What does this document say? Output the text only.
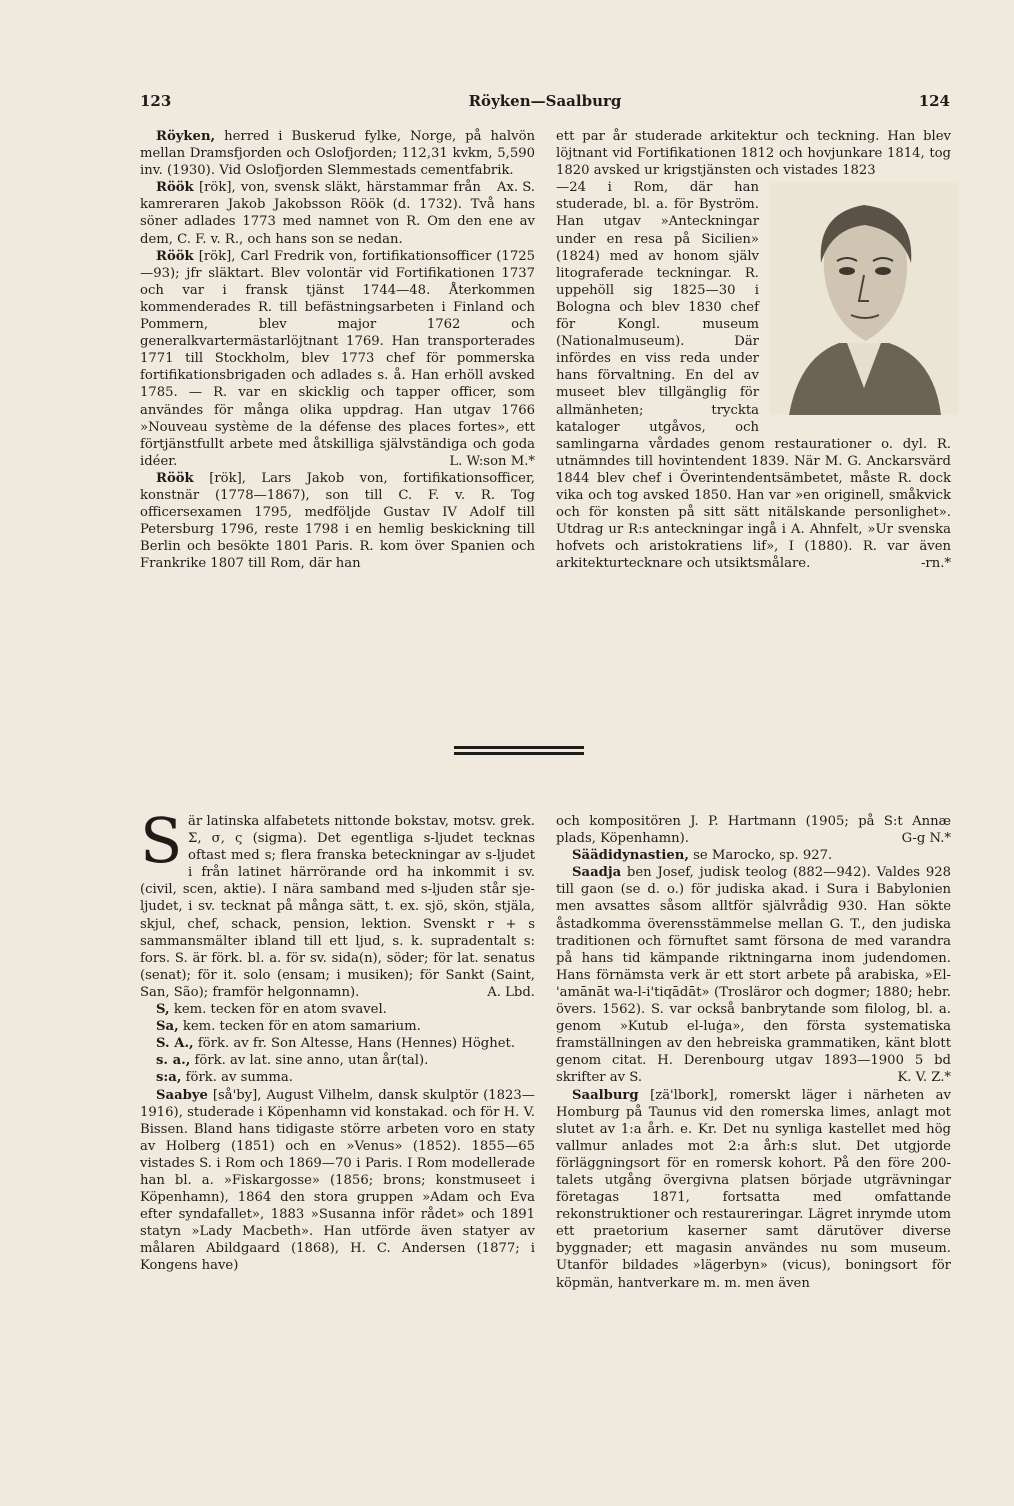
123	Röyken—Saalburg	124

Röyken, herred i Buskerud fylke, Norge, på halvön mellan Dramsfjorden och Oslofjorden; 112,31 kvkm, 5,590 inv. (1930). Vid Oslofjorden Slemmestads cementfabrik.
Ax. S.

Röök [rök], von, svensk släkt, härstammar från kamreraren Jakob Jakobsson Röök (d. 1732). Två hans söner adlades 1773 med namnet von R. Om den ene av dem, C. F. v. R., och hans son se nedan.

Röök [rök], Carl Fredrik von, fortifikationsofficer (1725—93); jfr släktart. Blev volontär vid Fortifikationen 1737 och var i fransk tjänst 1744—48. Återkommen kommenderades R. till befästningsarbeten i Finland och Pommern, blev major 1762 och generalkvartermästarlöjtnant 1769. Han transporterades 1771 till Stockholm, blev 1773 chef för pommerska fortifikationsbrigaden och adlades s. å. Han erhöll avsked 1785. — R. var en skicklig och tapper officer, som användes för många olika uppdrag. Han utgav 1766 »Nouveau système de la défense des places fortes», ett förtjänstfullt arbete med åtskilliga självständiga och goda idéer.	L. W:son M.*

Röök [rök], Lars Jakob von, fortifikationsofficer, konstnär (1778—1867), son till C. F. v. R. Tog officersexamen 1795, medföljde Gustav IV Adolf till Petersburg 1796, reste 1798 i en hemlig beskickning till Berlin och besökte 1801 Paris. R. kom över Spanien och Frankrike 1807 till Rom, där han

ett par år studerade arkitektur och teckning. Han blev löjtnant vid Fortifikationen 1812 och hovjunkare 1814, tog 1820 avsked ur krigstjänsten och vistades 1823

—24 i Rom, där han studerade, bl. a. för Byström. Han utgav »Anteckningar under en resa på Sicilien» (1824) med av honom själv litograferade teckningar. R. uppehöll sig 1825—30 i Bologna och blev 1830 chef för Kongl. museum (Nationalmuseum). Där infördes en viss reda under hans förvaltning. En del av museet blev tillgänglig för allmänheten; tryckta kataloger utgåvos, och samlingarna vårdades genom restaurationer o. dyl. R. utnämndes till hovintendent 1839. När M. G. Anckarsvärd 1844 blev chef i Överintendentsämbetet, måste R. dock vika och tog avsked 1850. Han var »en originell, småkvick och för konsten på sitt sätt nitälskande personlighet». Utdrag ur R:s anteckningar ingå i A. Ahnfelt, »Ur svenska hofvets och aristokratiens lif», I (1880). R. var även arkitekturtecknare och utsiktsmålare.	-rn.*

Sär latinska alfabetets nittonde bokstav, motsv. grek. Σ, σ, ς (sigma). Det egentliga s-ljudet tecknas oftast med s; flera franska beteckningar av s-ljudet i från latinet härrörande ord ha inkommit i sv. (civil, scen, aktie). I nära samband med s-ljuden står sje-ljudet, i sv. tecknat på många sätt, t. ex. sjö, skön, stjäla, skjul, chef, schack, pension, lektion. Svenskt r + s sammansmälter ibland till ett ljud, s. k. supradentalt s: fors. S. är förk. bl. a. för sv. sida(n), söder; för lat. senatus (senat); för it. solo (ensam; i musiken); för Sankt (Saint, San, São); framför helgonnamn).	A. Lbd.

S, kem. tecken för en atom svavel.

Sa, kem. tecken för en atom samarium.

S. A., förk. av fr. Son Altesse, Hans (Hennes) Höghet.

s. a., förk. av lat. sine anno, utan år(tal).

s:a, förk. av summa.

Saabye [så'by], August Vilhelm, dansk skulptör (1823—1916), studerade i Köpenhamn vid konstakad. och för H. V. Bissen. Bland hans tidigaste större arbeten voro en staty av Holberg (1851) och en »Venus» (1852). 1855—65 vistades S. i Rom och 1869—70 i Paris. I Rom modellerade han bl. a. »Fiskargosse» (1856; brons; konstmuseet i Köpenhamn), 1864 den stora gruppen »Adam och Eva efter syndafallet», 1883 »Susanna inför rådet» och 1891 statyn »Lady Macbeth». Han utförde även statyer av målaren Abildgaard (1868), H. C. Andersen (1877; i Kongens have)

och kompositören J. P. Hartmann (1905; på S:t Annæ plads, Köpenhamn).	G-g N.*

Säädidynastien, se Marocko, sp. 927.

Saadja ben Josef, judisk teolog (882—942). Valdes 928 till gaon (se d. o.) för judiska akad. i Sura i Babylonien men avsattes såsom alltför självrådig 930. Han sökte åstadkomma överensstämmelse mellan G. T., den judiska traditionen och förnuftet samt försona de med varandra på hans tid kämpande riktningarna inom judendomen. Hans förnämsta verk är ett stort arbete på arabiska, »El-'amānāt wa-l-i'tiqādāt» (Trosläror och dogmer; 1880; hebr. övers. 1562). S. var också banbrytande som filolog, bl. a. genom »Kutub el-luġa», den första systematiska framställningen av den hebreiska grammatiken, känt blott genom citat. H. Derenbourg utgav 1893—1900 5 bd skrifter av S.	K. V. Z.*

Saalburg [zä'lbork], romerskt läger i närheten av Homburg på Taunus vid den romerska limes, anlagt mot slutet av 1:a årh. e. Kr. Det nu synliga kastellet med hög vallmur anlades mot 2:a årh:s slut. Det utgjorde förläggningsort för en romersk kohort. På den före 200-talets utgång övergivna platsen började utgrävningar företagas 1871, fortsatta med omfattande rekonstruktioner och restaureringar. Lägret inrymde utom ett praetorium kaserner samt därutöver diverse byggnader; ett magasin användes nu som museum. Utanför bildades »lägerbyn» (vicus), boningsort för köpmän, hantverkare m. m. men även
